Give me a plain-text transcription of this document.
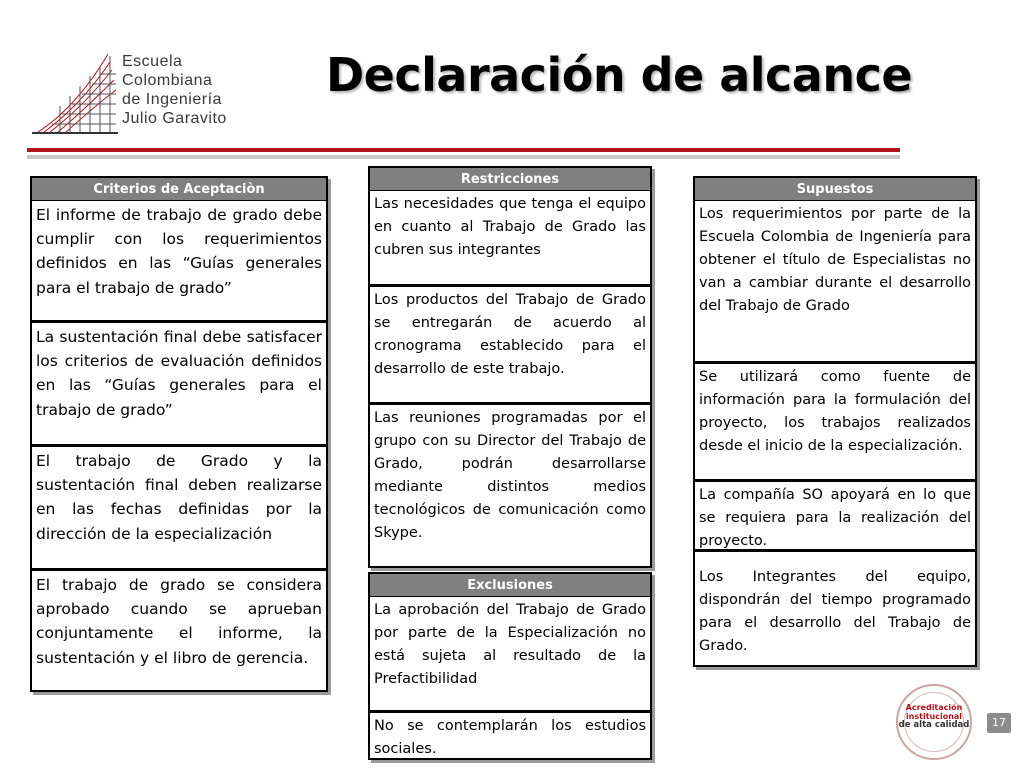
Escuela
Colombiana
de Ingeniería
Julio Garavito
Declaración de alcance
Criterios de Aceptaciòn
El informe de trabajo de grado debe cumplir con los requerimientos definidos en las “Guías generales para el trabajo de grado”
La sustentación final debe satisfacer los criterios de evaluación definidos en las “Guías generales para el trabajo de grado”
El trabajo de Grado y la sustentación final deben realizarse en las fechas definidas por la dirección de la especialización
El trabajo de grado se considera aprobado cuando se aprueban conjuntamente el informe, la sustentación y el libro de gerencia.
Restricciones
Las necesidades que tenga el equipo en cuanto al Trabajo de Grado las cubren sus integrantes
Los productos del Trabajo de Grado se entregarán de acuerdo al cronograma establecido para el desarrollo de este trabajo.
Las reuniones programadas por el grupo con su Director del Trabajo de Grado, podrán desarrollarse mediante distintos medios tecnológicos de comunicación como Skype.
Exclusiones
La aprobación del Trabajo de Grado por parte de la Especialización no está sujeta al resultado de la Prefactibilidad
No se contemplarán los estudios sociales.
Supuestos
Los requerimientos por parte de la Escuela Colombia de Ingeniería para obtener el título de Especialistas no van a cambiar durante el desarrollo del Trabajo de Grado
Se utilizará como fuente de información para la formulación del proyecto, los trabajos realizados desde el inicio de la especialización.
La compañía SO apoyará en lo que se requiera para la realización del proyecto.
Los Integrantes del equipo, dispondrán del tiempo programado para el desarrollo del Trabajo de Grado.
Acreditación
institucional
de alta calidad	17
